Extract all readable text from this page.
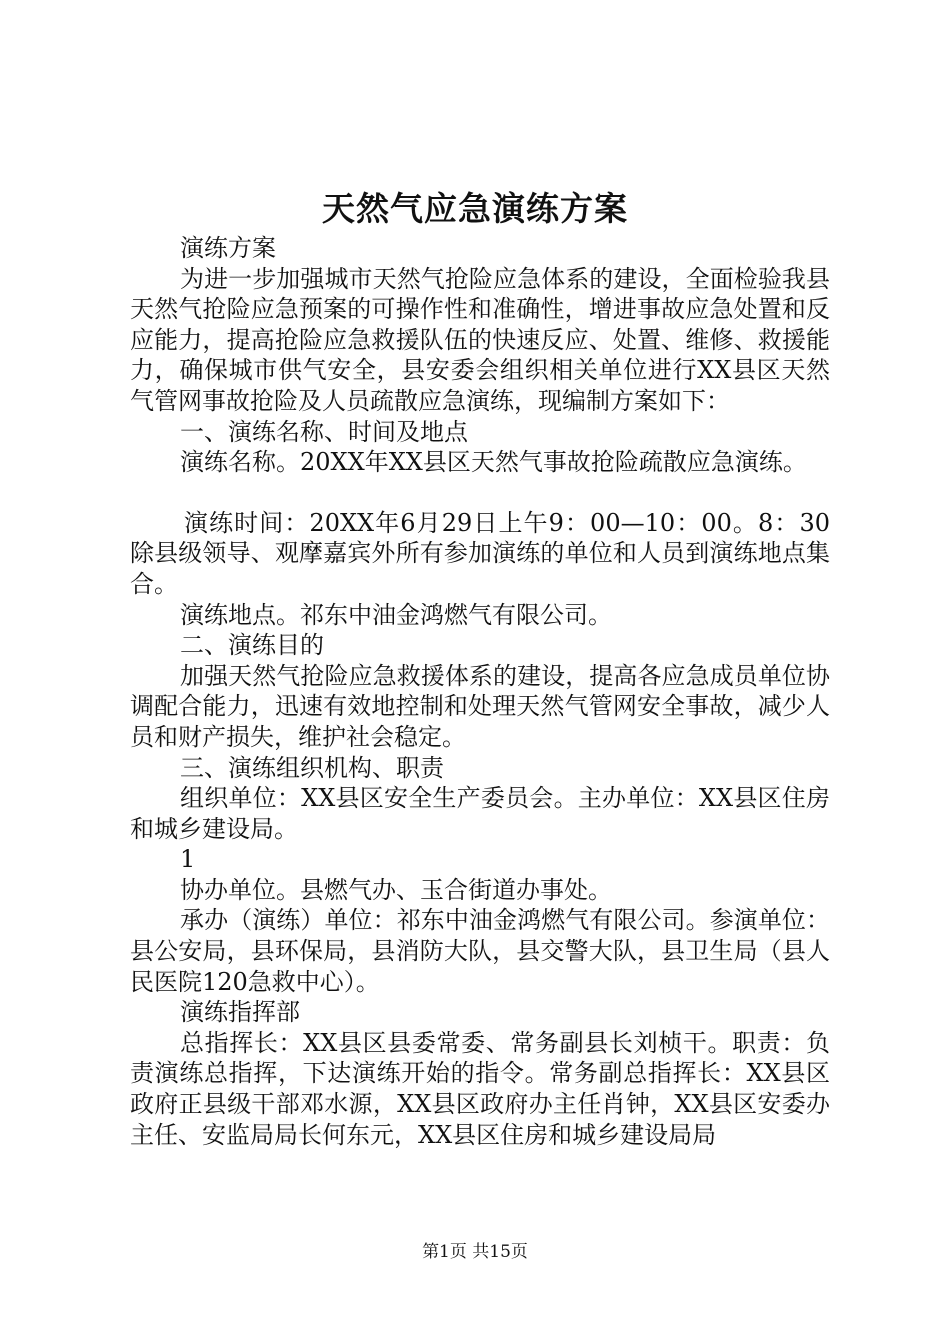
天然气应急演练方案

演练方案

为进一步加强城市天然气抢险应急体系的建设，全面检验我县天然气抢险应急预案的可操作性和准确性，增进事故应急处置和反应能力，提高抢险应急救援队伍的快速反应、处置、维修、救援能力，确保城市供气安全，县安委会组织相关单位进行XX县区天然气管网事故抢险及人员疏散应急演练，现编制方案如下：

一、演练名称、时间及地点

演练名称。20XX年XX县区天然气事故抢险疏散应急演练。

演练时间：20XX年6月29日上午9：00—10：00。8：30除县级领导、观摩嘉宾外所有参加演练的单位和人员到演练地点集合。

演练地点。祁东中油金鸿燃气有限公司。

二、演练目的

加强天然气抢险应急救援体系的建设，提高各应急成员单位协调配合能力，迅速有效地控制和处理天然气管网安全事故，减少人员和财产损失，维护社会稳定。

三、演练组织机构、职责

组织单位：XX县区安全生产委员会。主办单位：XX县区住房和城乡建设局。

1

协办单位。县燃气办、玉合街道办事处。

承办（演练）单位：祁东中油金鸿燃气有限公司。参演单位：县公安局，县环保局，县消防大队，县交警大队，县卫生局（县人民医院120急救中心）。

演练指挥部

总指挥长：XX县区县委常委、常务副县长刘桢干。职责：负责演练总指挥，下达演练开始的指令。常务副总指挥长：XX县区政府正县级干部邓水源，XX县区政府办主任肖钟，XX县区安委办主任、安监局局长何东元，XX县区住房和城乡建设局局

第1页 共15页
